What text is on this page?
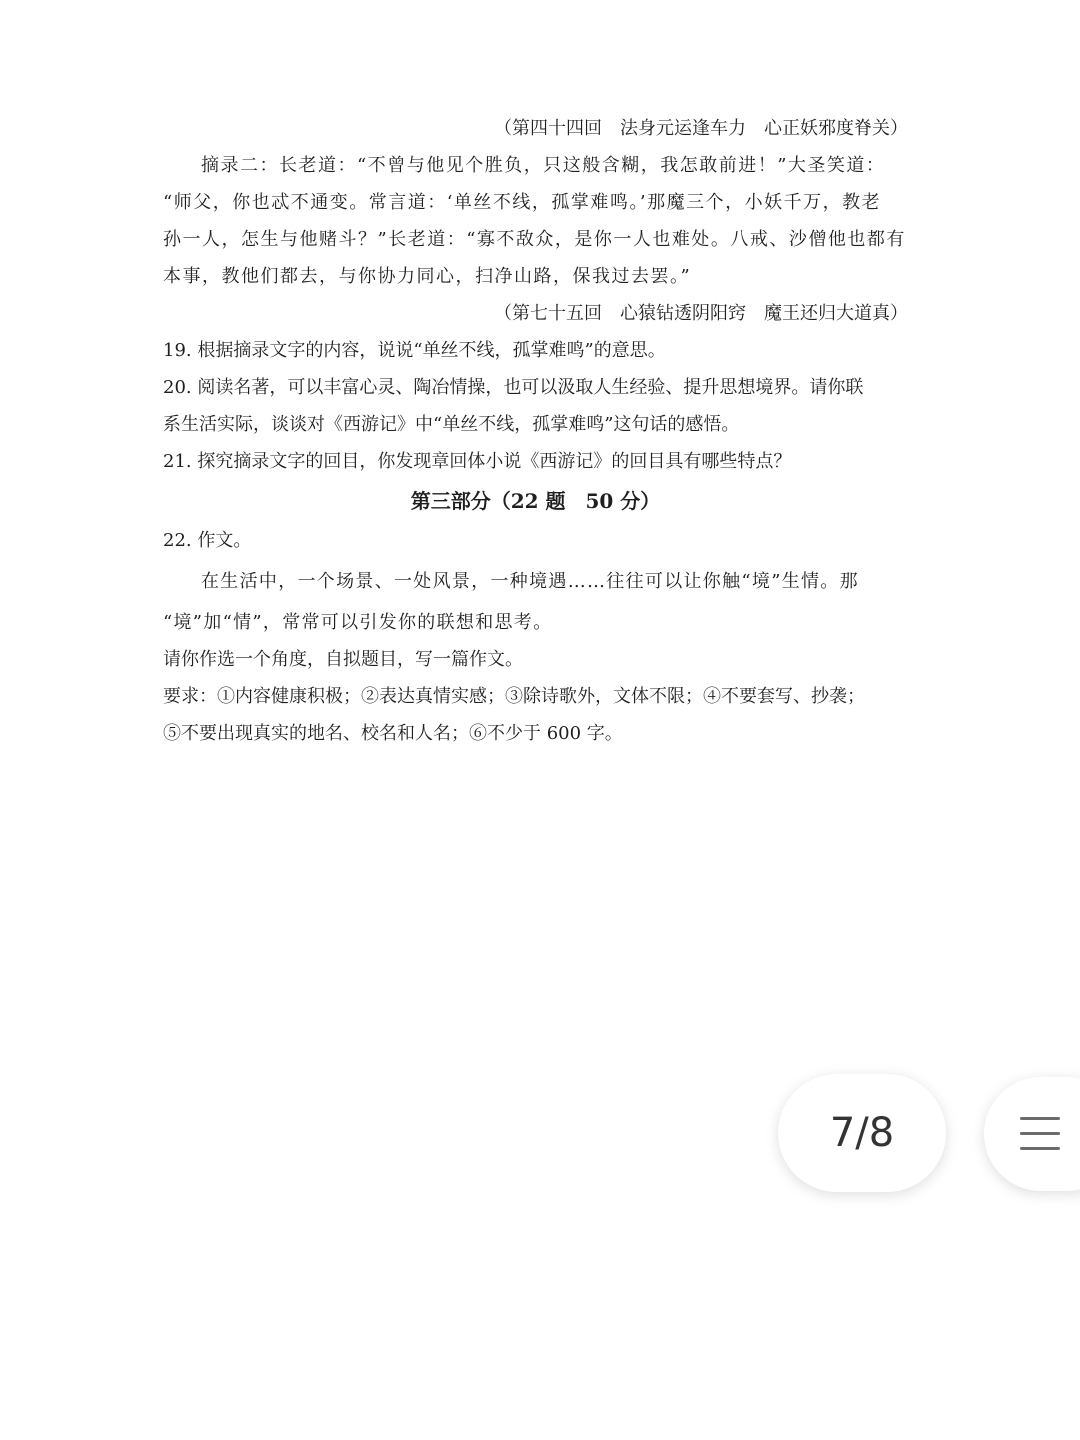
（第四十四回　法身元运逢车力　心正妖邪度脊关）

摘录二：长老道：“不曾与他见个胜负，只这般含糊，我怎敢前进！”大圣笑道：

“师父，你也忒不通变。常言道：‘单丝不线，孤掌难鸣。’那魔三个，小妖千万，教老

孙一人，怎生与他赌斗？”长老道：“寡不敌众，是你一人也难处。八戒、沙僧他也都有

本事，教他们都去，与你协力同心，扫净山路，保我过去罢。”

（第七十五回　心猿钻透阴阳窍　魔王还归大道真）

19. 根据摘录文字的内容，说说“单丝不线，孤掌难鸣”的意思。

20. 阅读名著，可以丰富心灵、陶冶情操，也可以汲取人生经验、提升思想境界。请你联

系生活实际，谈谈对《西游记》中“单丝不线，孤掌难鸣”这句话的感悟。

21. 探究摘录文字的回目，你发现章回体小说《西游记》的回目具有哪些特点？

第三部分（22 题　50 分）

22. 作文。

在生活中，一个场景、一处风景，一种境遇……往往可以让你触“境”生情。那

“境”加“情”，常常可以引发你的联想和思考。

请你作选一个角度，自拟题目，写一篇作文。

要求：①内容健康积极；②表达真情实感；③除诗歌外，文体不限；④不要套写、抄袭；

⑤不要出现真实的地名、校名和人名；⑥不少于 600 字。

7/8
